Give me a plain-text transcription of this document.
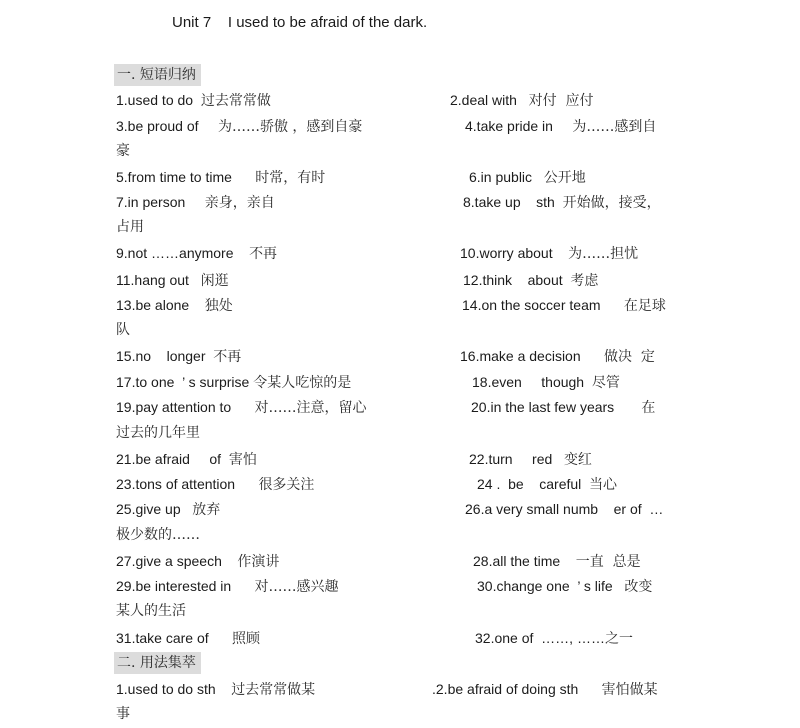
Unit 7    I used to be afraid of the dark.
一. 短语归纳
1.used to do  过去常常做	2.deal with   对付  应付
3.be proud of     为……骄傲 ，感到自豪	4.take pride in     为……感到自
豪
5.from time to time      时常，有时	6.in public   公开地
7.in person     亲身，亲自	8.take up    sth  开始做，接受，
占用
9.not ……anymore    不再	10.worry about    为……担忧
11.hang out   闲逛	12.think    about  考虑
13.be alone    独处	14.on the soccer team      在足球
队
15.no    longer  不再	16.make a decision      做决  定
17.to one  ’ s surprise 令某人吃惊的是	18.even     though  尽管
19.pay attention to      对……注意，留心	20.in the last few years       在
过去的几年里
21.be afraid     of  害怕	22.turn     red   变红
23.tons of attention      很多关注	24 .  be    careful  当心
25.give up   放弃	26.a very small numb    er of  …
极少数的……
27.give a speech    作演讲	28.all the time    一直  总是
29.be interested in      对……感兴趣	30.change one  ’ s life   改变
某人的生活
31.take care of      照顾	32.one of  ……, ……之一
二. 用法集萃
1.used to do sth    过去常常做某	.2.be afraid of doing sth      害怕做某
事
